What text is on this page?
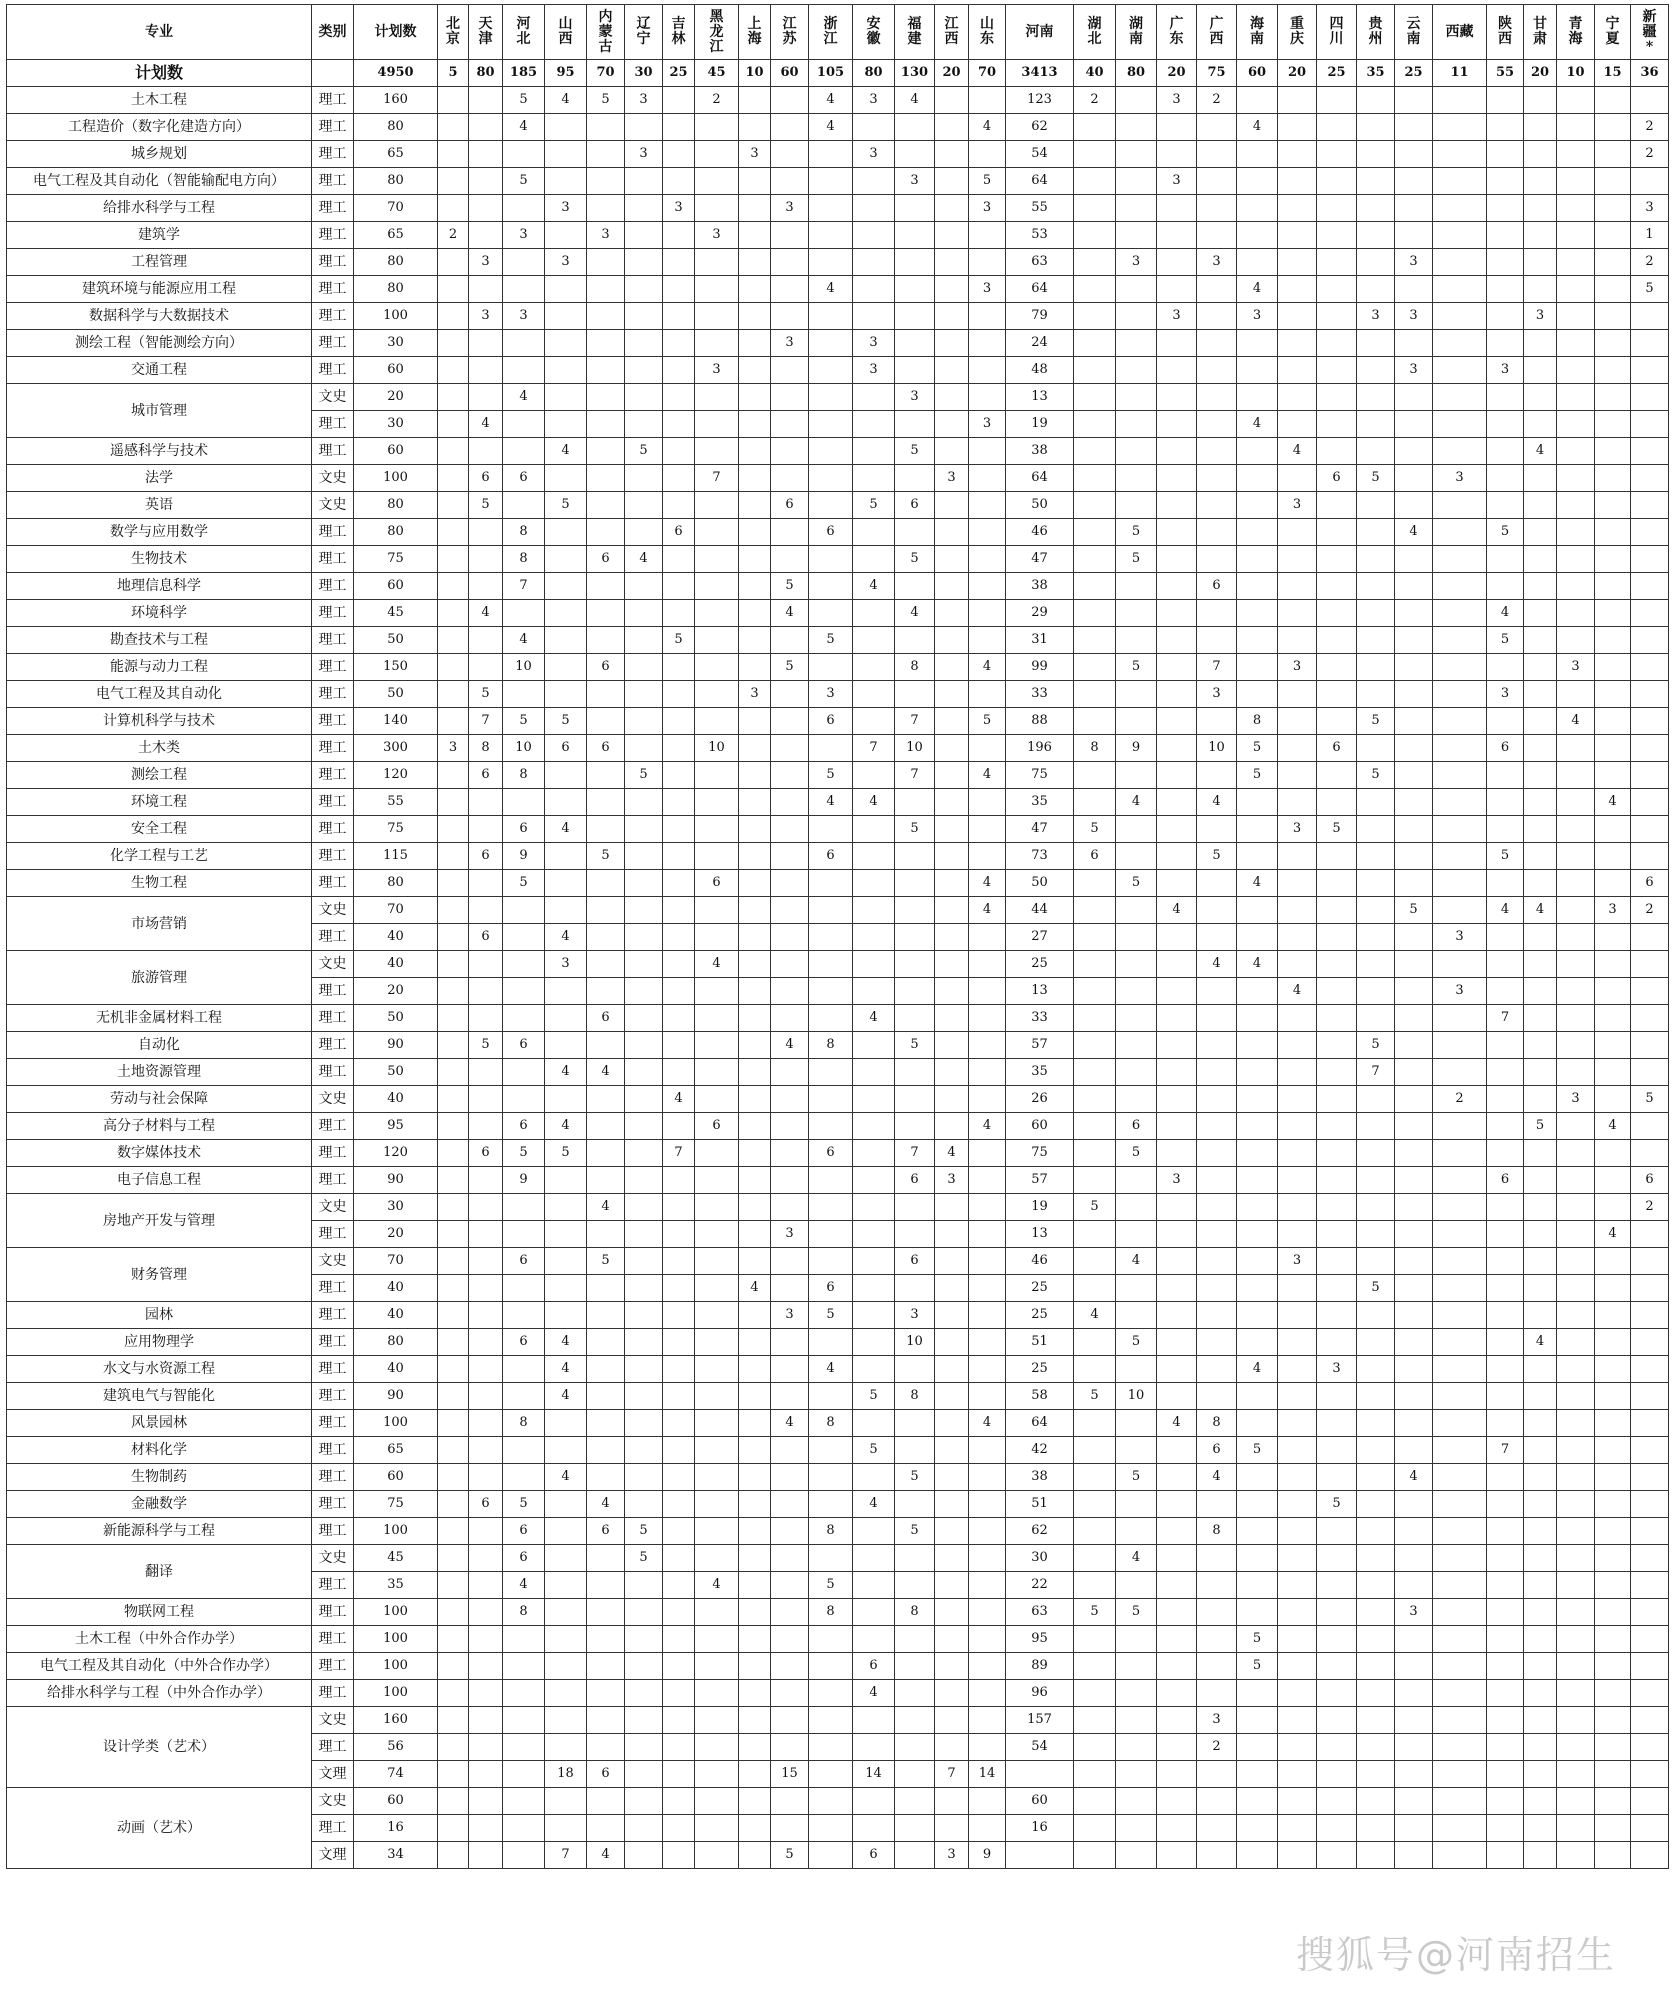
专业	类别	计划数	北京	天津	河北	山西	内蒙古	辽宁	吉林	黑龙江	上海	江苏	浙江	安徽	福建	江西	山东	河南	湖北	湖南	广东	广西	海南	重庆	四川	贵州	云南	西藏	陕西	甘肃	青海	宁夏	新疆*
计划数		4950	5	80	185	95	70	30	25	45	10	60	105	80	130	20	70	3413	40	80	20	75	60	20	25	35	25	11	55	20	10	15	36
土木工程	理工	160			5	4	5	3		2			4	3	4			123	2		3	2											
工程造价（数字化建造方向）	理工	80			4								4				4	62					4										2
城乡规划	理工	65						3			3			3				54															2
电气工程及其自动化（智能输配电方向）	理工	80			5										3		5	64			3												
给排水科学与工程	理工	70				3			3			3					3	55															3
建筑学	理工	65	2		3		3			3								53															1
工程管理	理工	80		3		3												63		3		3					3						2
建筑环境与能源应用工程	理工	80											4				3	64					4										5
数据科学与大数据技术	理工	100		3	3													79			3		3			3	3			3			
测绘工程（智能测绘方向）	理工	30										3		3				24															
交通工程	理工	60								3				3				48									3		3				
城市管理	文史	20			4										3			13															
	理工	30		4													3	19					4										
遥感科学与技术	理工	60				4		5							5			38						4						4			
法学	文史	100		6	6					7						3		64							6	5		3					
英语	文史	80		5		5						6		5	6			50						3									
数学与应用数学	理工	80			8				6				6					46		5							4		5				
生物技术	理工	75			8		6	4							5			47		5													
地理信息科学	理工	60			7							5		4				38				6											
环境科学	理工	45		4								4			4			29											4				
勘查技术与工程	理工	50			4				5				5					31											5				
能源与动力工程	理工	150			10		6					5			8		4	99		5		7		3							3		
电气工程及其自动化	理工	50		5							3		3					33				3							3				
计算机科学与技术	理工	140		7	5	5							6		7		5	88					8			5					4		
土木类	理工	300	3	8	10	6	6			10				7	10			196	8	9		10	5		6				6				
测绘工程	理工	120		6	8			5					5		7		4	75					5			5							
环境工程	理工	55											4	4				35		4		4										4	
安全工程	理工	75			6	4									5			47	5					3	5								
化学工程与工艺	理工	115		6	9		5						6					73	6			5							5				
生物工程	理工	80			5					6							4	50		5			4										6
市场营销	文史	70															4	44			4						5		4	4		3	2
	理工	40		6		4												27										3					
旅游管理	文史	40				3				4								25				4	4										
	理工	20																13						4				3					
无机非金属材料工程	理工	50					6							4				33											7				
自动化	理工	90		5	6							4	8		5			57								5							
土地资源管理	理工	50				4	4											35								7							
劳动与社会保障	文史	40							4									26										2			3		5
高分子材料与工程	理工	95			6	4				6							4	60		6										5		4	
数字媒体技术	理工	120		6	5	5			7				6		7	4		75		5													
电子信息工程	理工	90			9										6	3		57			3								6				6
房地产开发与管理	文史	30					4											19	5														2
	理工	20										3						13														4	
财务管理	文史	70			6		5								6			46		4				3									
	理工	40									4		6					25								5							
园林	理工	40										3	5		3			25	4														
应用物理学	理工	80			6	4									10			51		5										4			
水文与水资源工程	理工	40				4							4					25					4		3								
建筑电气与智能化	理工	90				4								5	8			58	5	10													
风景园林	理工	100			8							4	8				4	64			4	8											
材料化学	理工	65												5				42				6	5						7				
生物制药	理工	60				4									5			38		5		4					4						
金融数学	理工	75		6	5		4							4				51							5								
新能源科学与工程	理工	100			6		6	5					8		5			62				8											
翻译	文史	45			6			5										30		4													
	理工	35			4					4			5					22															
物联网工程	理工	100			8								8		8			63	5	5							3						
土木工程（中外合作办学）	理工	100																95					5										
电气工程及其自动化（中外合作办学）	理工	100												6				89					5										
给排水科学与工程（中外合作办学）	理工	100												4				96															
设计学类（艺术）	文史	160																157				3											
	理工	56																54				2											
	文理	74				18	6					15		14		7	14																
动画（艺术）	文史	60																60															
	理工	16																16															
	文理	34				7	4					5		6		3	9																
搜狐号@河南招生
